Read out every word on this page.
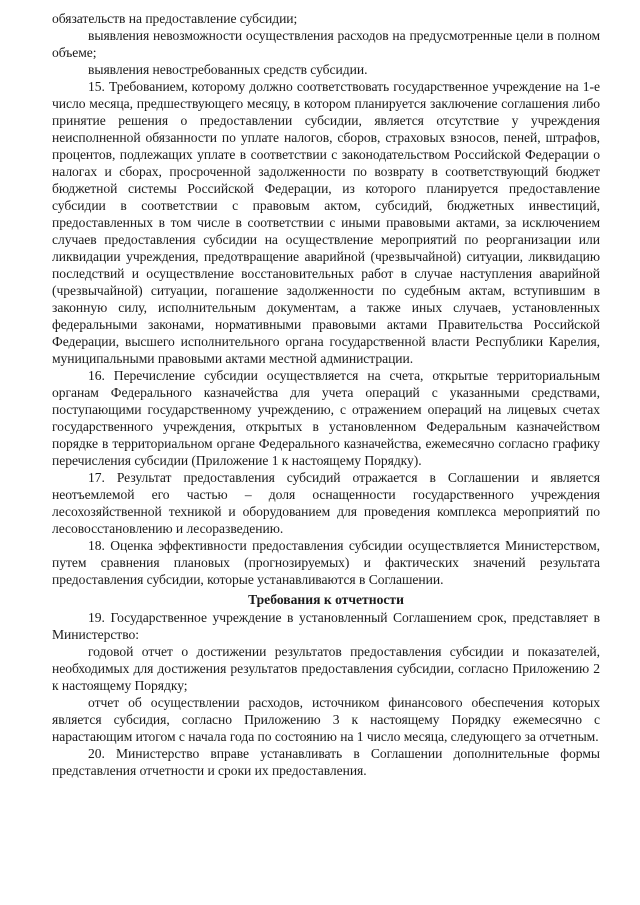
обязательств на предоставление субсидии;

выявления невозможности осуществления расходов на предусмотренные цели в полном объеме;

выявления невостребованных средств субсидии.

15. Требованием, которому должно соответствовать государственное учреждение на 1-е число месяца, предшествующего месяцу, в котором планируется заключение соглашения либо принятие решения о предоставлении субсидии, является отсутствие у учреждения неисполненной обязанности по уплате налогов, сборов, страховых взносов, пеней, штрафов, процентов, подлежащих уплате в соответствии с законодательством Российской Федерации о налогах и сборах, просроченной задолженности по возврату в соответствующий бюджет бюджетной системы Российской Федерации, из которого планируется предоставление субсидии в соответствии с правовым актом, субсидий, бюджетных инвестиций, предоставленных в том числе в соответствии с иными правовыми актами, за исключением случаев предоставления субсидии на осуществление мероприятий по реорганизации или ликвидации учреждения, предотвращение аварийной (чрезвычайной) ситуации, ликвидацию последствий и осуществление восстановительных работ в случае наступления аварийной (чрезвычайной) ситуации, погашение задолженности по судебным актам, вступившим в законную силу, исполнительным документам, а также иных случаев, установленных федеральными законами, нормативными правовыми актами Правительства Российской Федерации, высшего исполнительного органа государственной власти Республики Карелия, муниципальными правовыми актами местной администрации.

16. Перечисление субсидии осуществляется на счета, открытые территориальным органам Федерального казначейства для учета операций с указанными средствами, поступающими государственному учреждению, с отражением операций на лицевых счетах государственного учреждения, открытых в установленном Федеральным казначейством порядке в территориальном органе Федерального казначейства, ежемесячно согласно графику перечисления субсидии (Приложение 1 к настоящему Порядку).

17. Результат предоставления субсидий отражается в Соглашении и является неотъемлемой его частью – доля оснащенности государственного учреждения лесохозяйственной техникой и оборудованием для проведения комплекса мероприятий по лесовосстановлению и лесоразведению.

18. Оценка эффективности предоставления субсидии осуществляется Министерством, путем сравнения плановых (прогнозируемых) и фактических значений результата предоставления субсидии, которые устанавливаются в Соглашении.

Требования к отчетности

19. Государственное учреждение в установленный Соглашением срок, представляет в Министерство:

годовой отчет о достижении результатов предоставления субсидии и показателей, необходимых для достижения результатов предоставления субсидии, согласно Приложению 2 к настоящему Порядку;

отчет об осуществлении расходов, источником финансового обеспечения которых является субсидия, согласно Приложению 3 к настоящему Порядку ежемесячно с нарастающим итогом с начала года по состоянию на 1 число месяца, следующего за отчетным.

20. Министерство вправе устанавливать в Соглашении дополнительные формы представления отчетности и сроки их предоставления.
